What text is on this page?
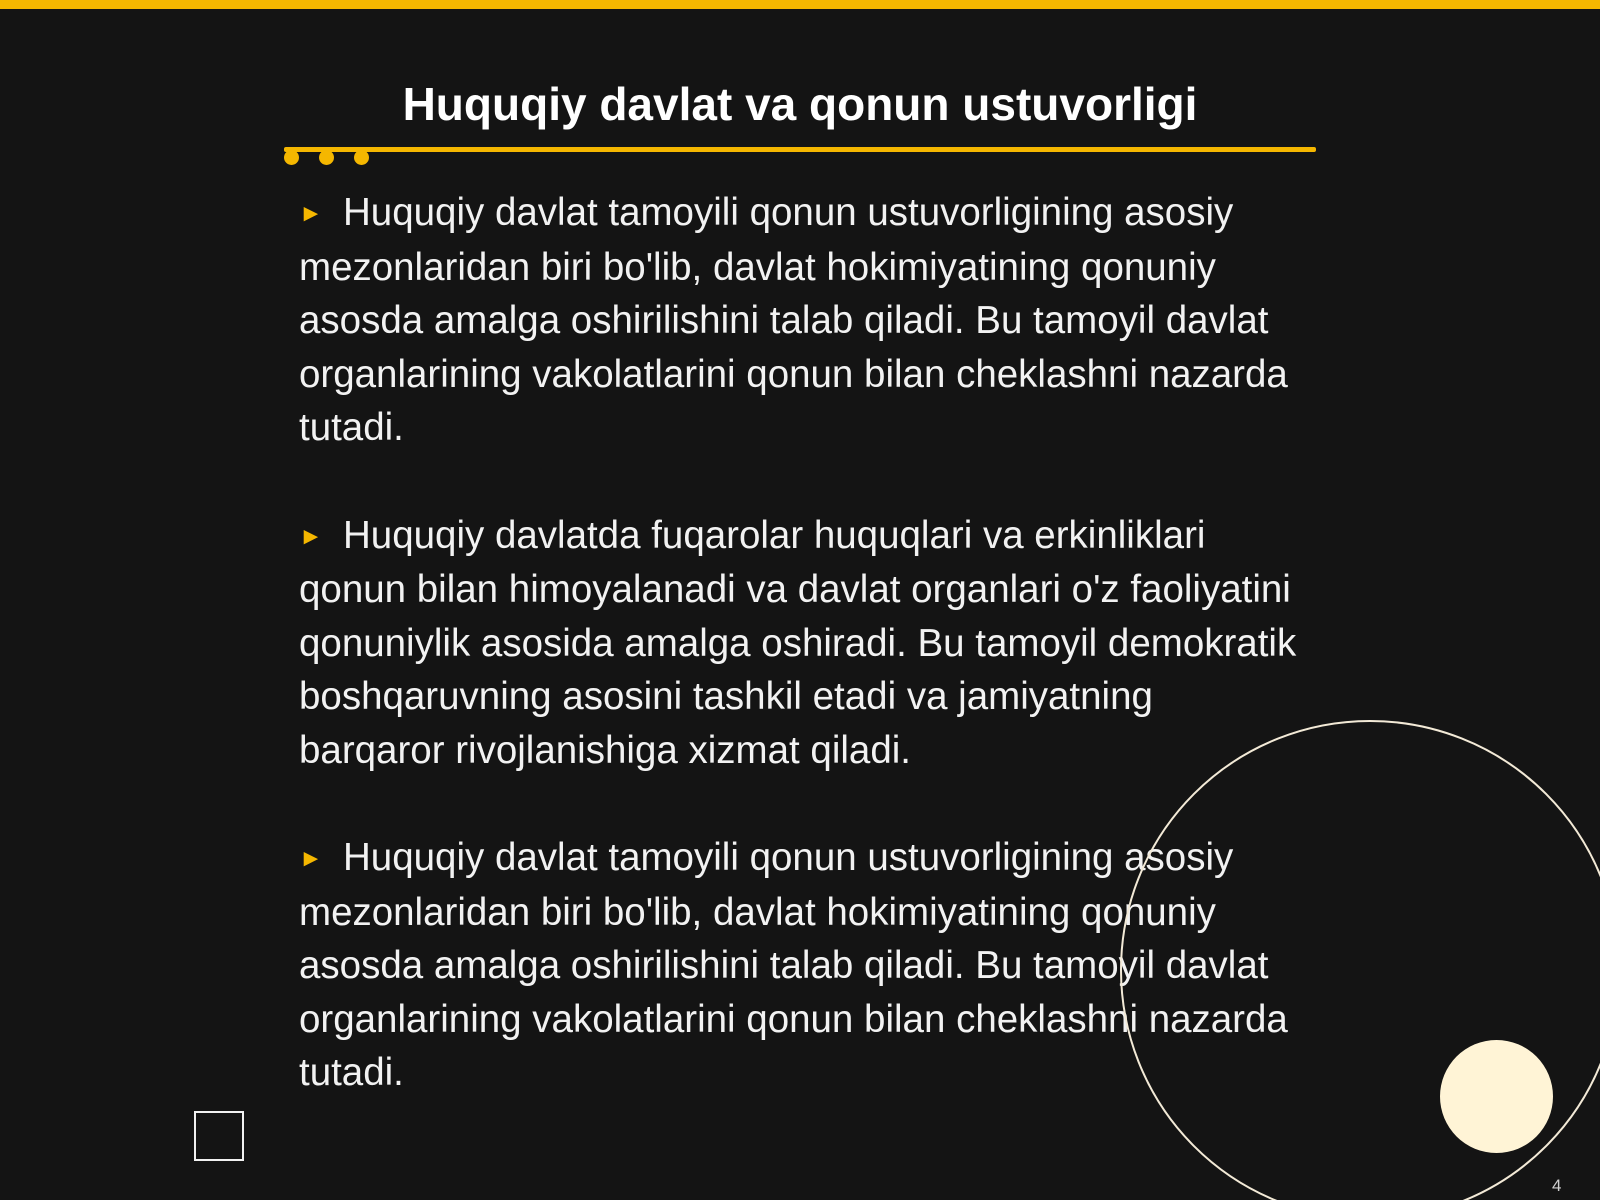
Huquqiy davlat va qonun ustuvorligi

► Huquqiy davlat tamoyili qonun ustuvorligining asosiy mezonlaridan biri bo'lib, davlat hokimiyatining qonuniy asosda amalga oshirilishini talab qiladi. Bu tamoyil davlat organlarining vakolatlarini qonun bilan cheklashni nazarda tutadi.

► Huquqiy davlatda fuqarolar huquqlari va erkinliklari qonun bilan himoyalanadi va davlat organlari o'z faoliyatini qonuniylik asosida amalga oshiradi. Bu tamoyil demokratik boshqaruvning asosini tashkil etadi va jamiyatning barqaror rivojlanishiga xizmat qiladi.

► Huquqiy davlat tamoyili qonun ustuvorligining asosiy mezonlaridan biri bo'lib, davlat hokimiyatining qonuniy asosda amalga oshirilishini talab qiladi. Bu tamoyil davlat organlarining vakolatlarini qonun bilan cheklashni nazarda tutadi.

4
